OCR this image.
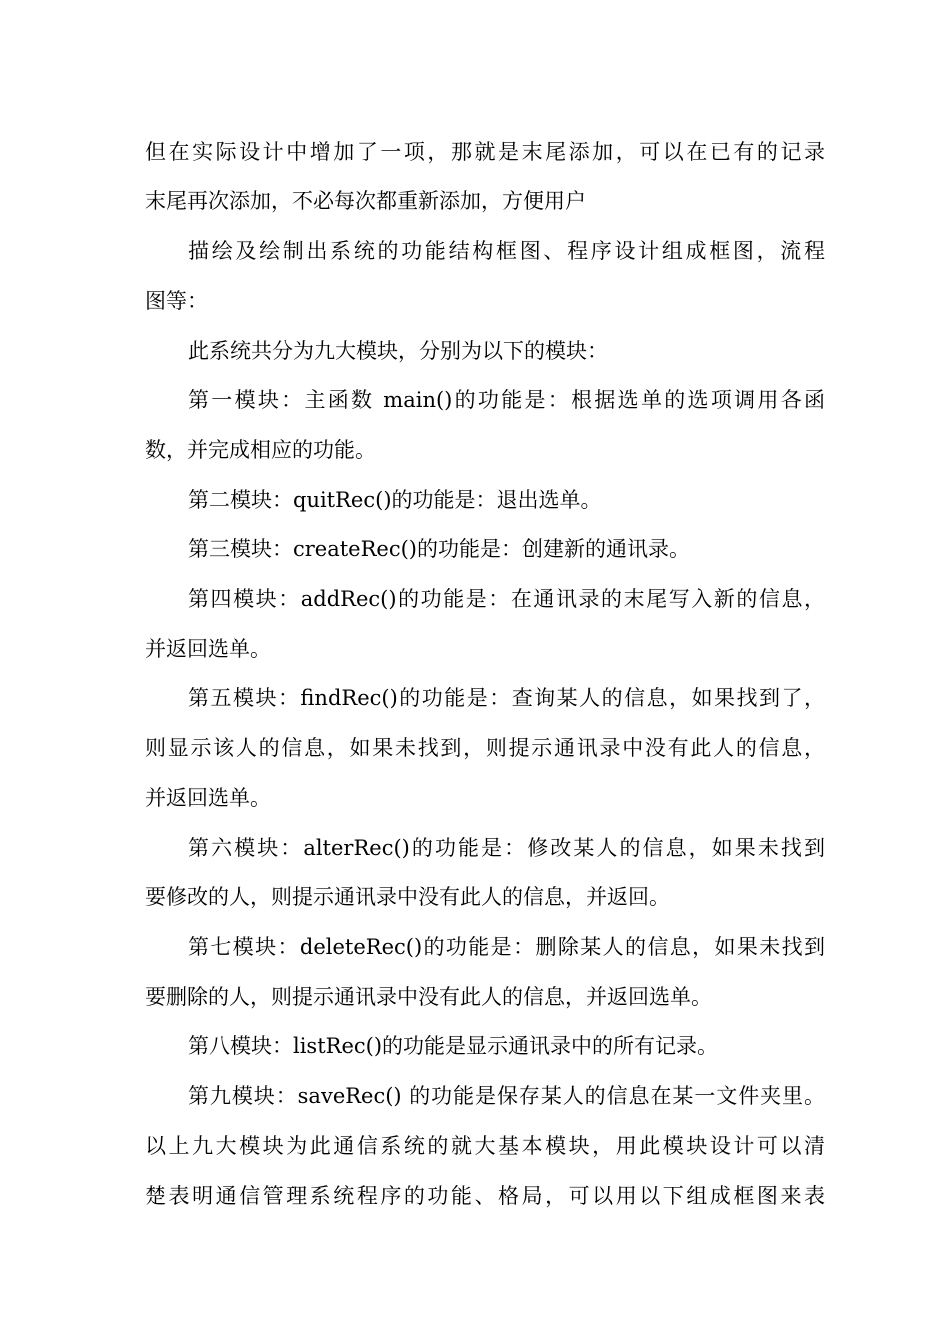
但在实际设计中增加了一项，那就是末尾添加，可以在已有的记录
末尾再次添加，不必每次都重新添加，方便用户
描绘及绘制出系统的功能结构框图、程序设计组成框图，流程
图等：
此系统共分为九大模块，分别为以下的模块：
第一模块：主函数 main()的功能是：根据选单的选项调用各函
数，并完成相应的功能。
第二模块：quitRec()的功能是：退出选单。
第三模块：createRec()的功能是：创建新的通讯录。
第四模块：addRec()的功能是：在通讯录的末尾写入新的信息，
并返回选单。
第五模块：findRec()的功能是：查询某人的信息，如果找到了，
则显示该人的信息，如果未找到，则提示通讯录中没有此人的信息，
并返回选单。
第六模块：alterRec()的功能是：修改某人的信息，如果未找到
要修改的人，则提示通讯录中没有此人的信息，并返回。
第七模块：deleteRec()的功能是：删除某人的信息，如果未找到
要删除的人，则提示通讯录中没有此人的信息，并返回选单。
第八模块：listRec()的功能是显示通讯录中的所有记录。
第九模块：saveRec() 的功能是保存某人的信息在某一文件夹里。
以上九大模块为此通信系统的就大基本模块，用此模块设计可以清
楚表明通信管理系统程序的功能、格局，可以用以下组成框图来表
